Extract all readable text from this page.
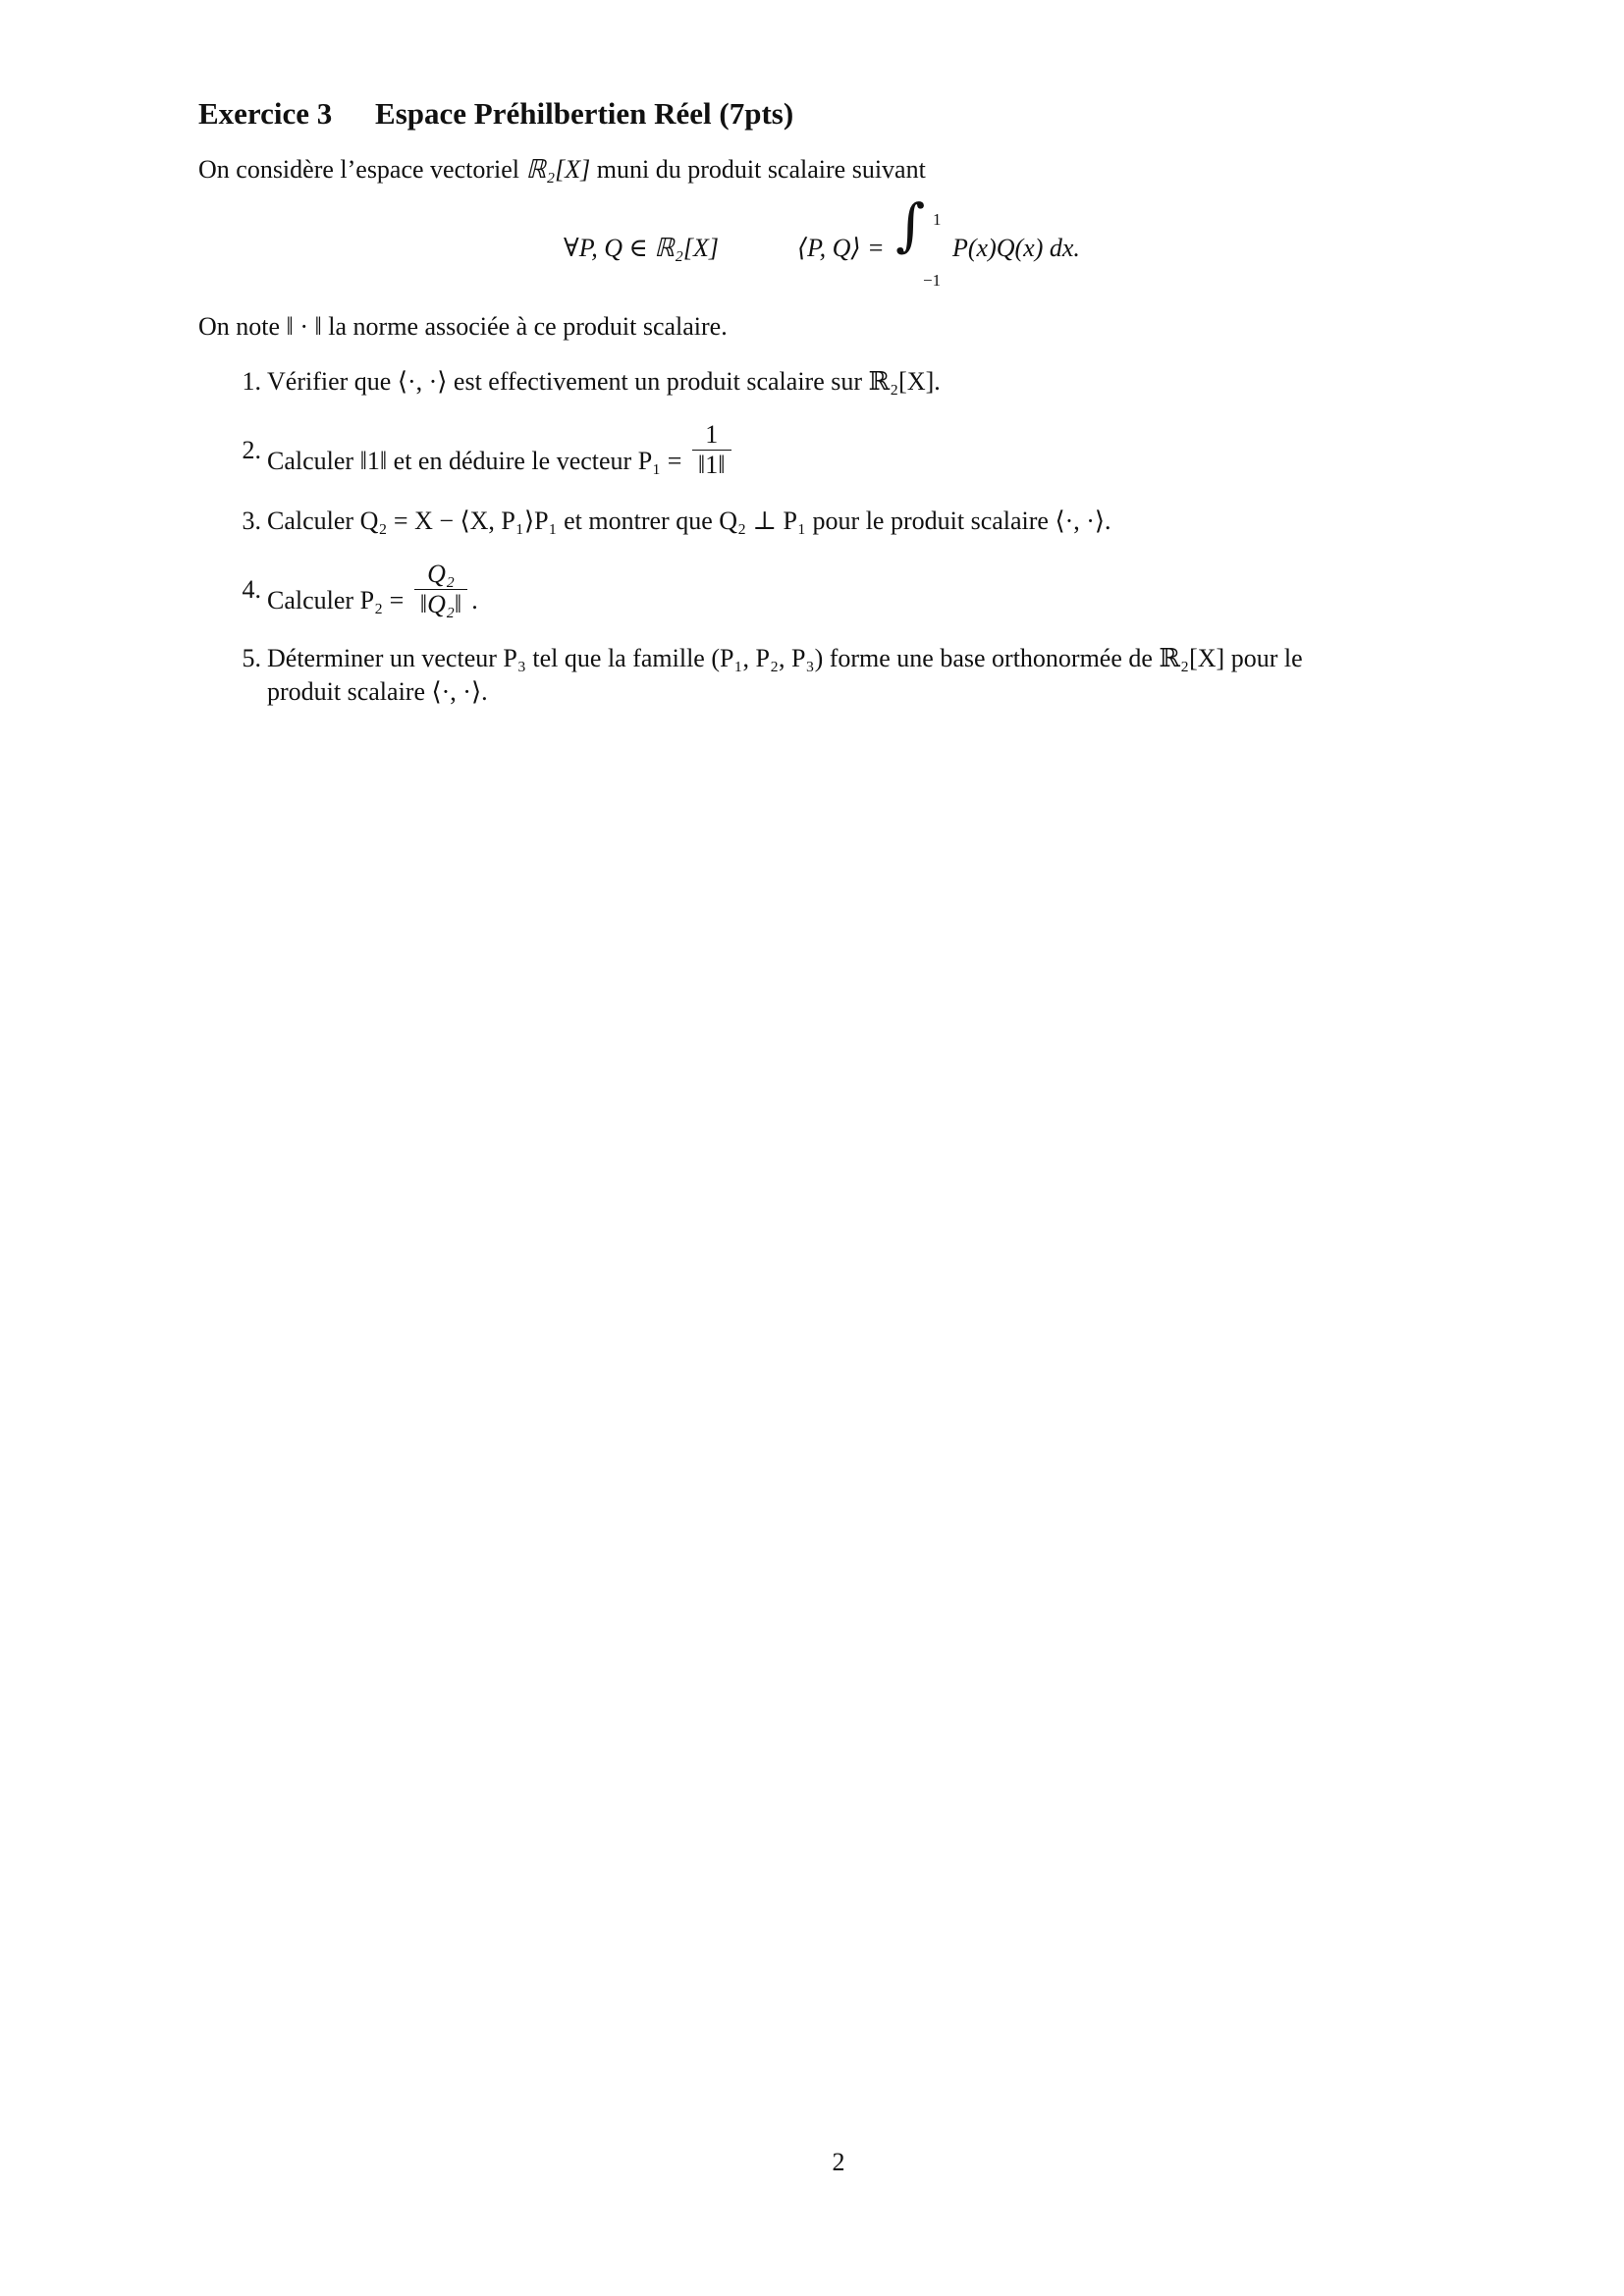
Exercice 3 Espace Préhilbertien Réel (7pts)
On considère l’espace vectoriel ℝ₂[X] muni du produit scalaire suivant
∀P, Q ∈ ℝ₂[X]	⟨P, Q⟩ = ∫ 1
−1
P(x)Q(x) dx.
On note ‖ · ‖ la norme associée à ce produit scalaire.
1. Vérifier que ⟨·, ·⟩ est effectivement un produit scalaire sur ℝ₂[X].
2. Calculer ‖1‖ et en déduire le vecteur $P_1 = \frac{1}{‖1‖}$
3. Calculer Q₂ = X − ⟨X, P₁⟩P₁ et montrer que Q₂ ⊥ P₁ pour le produit scalaire ⟨·, ·⟩.
4. Calculer $P_2 = \frac{\text{Q₂}}{\text{‖Q₂‖}}$ .
5. Déterminer un vecteur P₃ tel que la famille (P₁, P₂, P₃) forme une base orthonormée de ℝ₂[X] pour le
produit scalaire ⟨·, ·⟩.
2
